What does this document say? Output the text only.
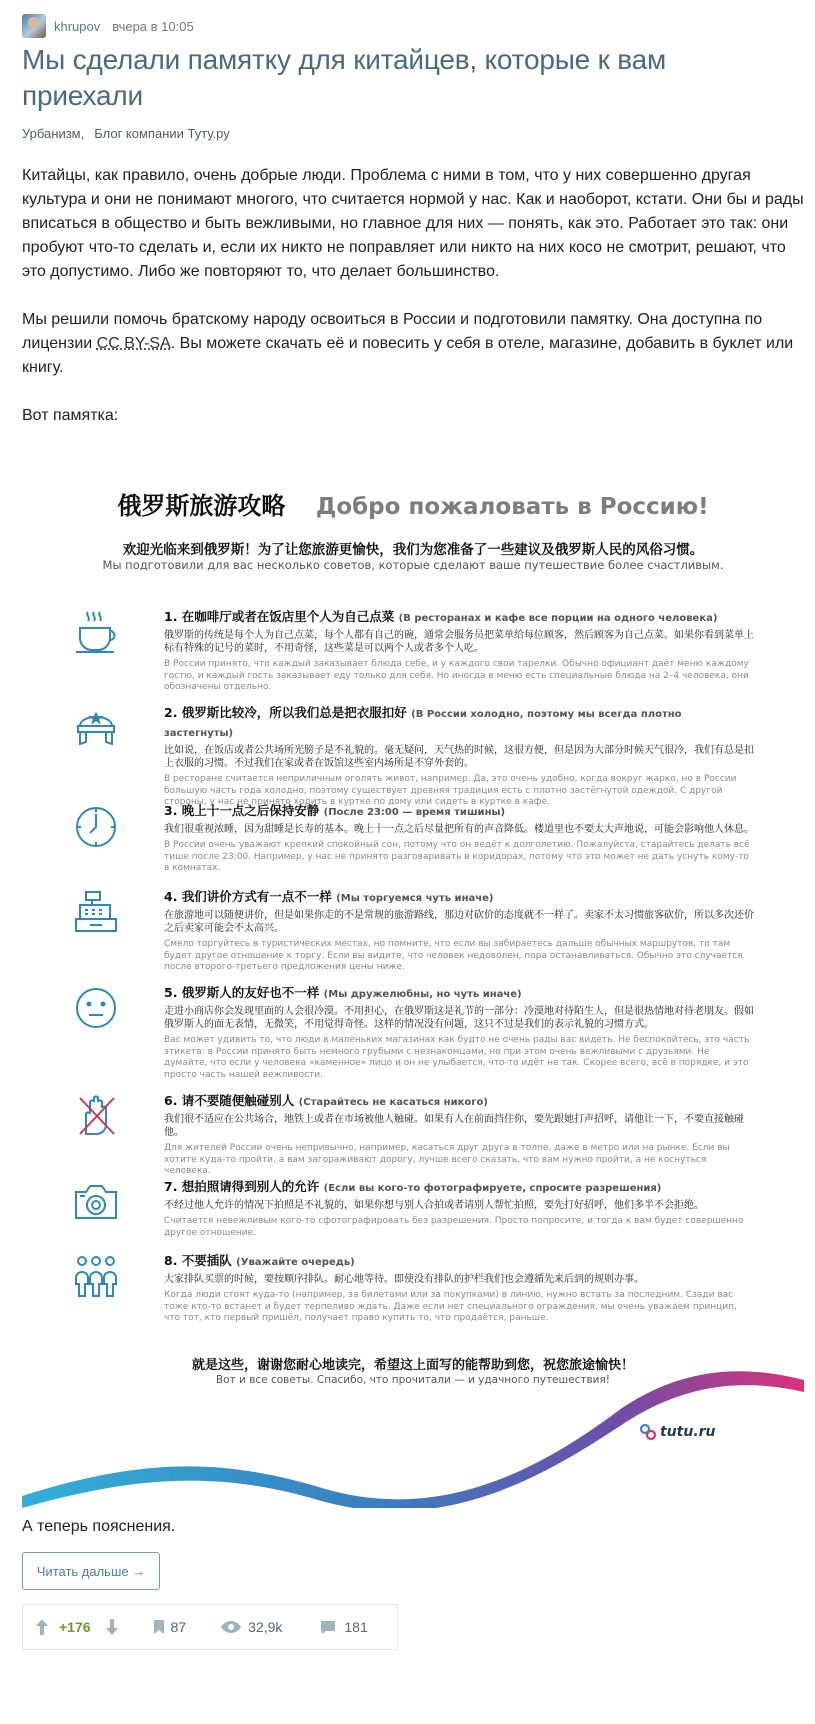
khrupov вчера в 10:05
Мы сделали памятку для китайцев, которые к вам приехали
Урбанизм, Блог компании Туту.ру

Китайцы, как правило, очень добрые люди. Проблема с ними в том, что у них совершенно другая культура и они не понимают многого, что считается нормой у нас. Как и наоборот, кстати. Они бы и рады вписаться в общество и быть вежливыми, но главное для них — понять, как это. Работает это так: они пробуют что-то сделать и, если их никто не поправляет или никто на них косо не смотрит, решают, что это допустимо. Либо же повторяют то, что делает большинство.

Мы решили помочь братскому народу освоиться в России и подготовили памятку. Она доступна по лицензии CC BY-SA. Вы можете скачать её и повесить у себя в отеле, магазине, добавить в буклет или книгу.

Вот памятка:

俄罗斯旅游攻略 Добро пожаловать в Россию!
欢迎光临来到俄罗斯！为了让您旅游更愉快，我们为您准备了一些建议及俄罗斯人民的风俗习惯。
Мы подготовили для вас несколько советов, которые сделают ваше путешествие более счастливым.
1. 在咖啡厅或者在饭店里个人为自己点菜 (В ресторанах и кафе все порции на одного человека)
俄罗斯的传统是每个人为自己点菜，每个人都有自己的碗，通常会服务员把菜单给每位顾客，然后顾客为自己点菜。如果你看到菜单上标有特殊的记号的菜时，不用奇怪，这些菜是可以两个人或者多个人吃。
В России принято, что каждый заказывает блюда себе, и у каждого свои тарелки. Обычно официант даёт меню каждому гостю, и каждый гость заказывает еду только для себя. Но иногда в меню есть специальные блюда на 2–4 человека, они обозначены отдельно.
2. 俄罗斯比较冷，所以我们总是把衣服扣好 (В России холодно, поэтому мы всегда плотно застегнуты)
比如说，在饭店或者公共场所光膀子是不礼貌的。毫无疑问，天气热的时候，这很方便，但是因为大部分时候天气很冷，我们有总是扣上衣服的习惯。不过我们在家或者在饭馆这些室内场所是不穿外套的。
В ресторане считается неприличным оголять живот, например. Да, это очень удобно, когда вокруг жарко, но в России большую часть года холодно, поэтому существует древняя традиция есть с плотно застёгнутой одеждой. С другой стороны, у нас не принято ходить в куртке по дому или сидеть в куртке в кафе.
3. 晚上十一点之后保持安静 (После 23:00 — время тишины)
我们很重视浓睡，因为甜睡是长寿的基本。晚上十一点之后尽量把所有的声音降低。楼道里也不要太大声地说，可能会影响他人休息。
В России очень уважают крепкий спокойный сон, потому что он ведёт к долголетию. Пожалуйста, старайтесь делать всё тише после 23:00. Например, у нас не принято разговаривать в коридорах, потому что это может не дать уснуть кому-то в комнатах.
4. 我们讲价方式有一点不一样 (Мы торгуемся чуть иначе)
在旅游地可以随便讲价，但是如果你走的不是常规的旅游路线，那边对砍价的态度就不一样了。卖家不太习惯旅客砍价，所以多次还价之后卖家可能会不太高兴。
Смело торгуйтесь в туристических местах, но помните, что если вы забираетесь дальше обычных маршрутов, то там будет другое отношение к торгу. Если вы видите, что человек недоволен, пора останавливаться. Обычно это случается после второго-третьего предложения цены ниже.
5. 俄罗斯人的友好也不一样 (Мы дружелюбны, но чуть иначе)
走进小商店你会发现里面的人会很冷漠。不用担心，在俄罗斯这是礼节的一部分：冷漠地对待陌生人，但是很热情地对待老朋友。假如俄罗斯人的面无表情，无微笑，不用觉得奇怪。这样的情况没有问题，这只不过是我们的表示礼貌的习惯方式。
Вас может удивить то, что люди в маленьких магазинах как будто не очень рады вас видеть. Не беспокойтесь, это часть этикета: в России принято быть немного грубыми с незнакомцами, но при этом очень вежливыми с друзьями. Не думайте, что если у человека «каменное» лицо и он не улыбается, что-то идёт не так. Скорее всего, всё в порядке, и это просто часть нашей вежливости.
6. 请不要随便触碰别人 (Старайтесь не касаться никого)
我们很不适应在公共场合，地铁上或者在市场被他人触碰。如果有人在前面挡住你，要先跟她打声招呼，请他让一下，不要直接触碰他。
Для жителей России очень непривычно, например, касаться друг друга в толпе, даже в метро или на рынке. Если вы хотите куда-то пройти, а вам загораживают дорогу, лучше всего сказать, что вам нужно пройти, а не коснуться человека.
7. 想拍照请得到别人的允许 (Если вы кого-то фотографируете, спросите разрешения)
不经过他人允许的情况下拍照是不礼貌的，如果你想与别人合拍或者请别人帮忙拍照，要先打好招呼，他们多半不会拒绝。
Считается невежливым кого-то сфотографировать без разрешения. Просто попросите, и тогда к вам будет совершенно другое отношение.
8. 不要插队 (Уважайте очередь)
大家排队买票的时候，要按顺序排队。耐心地等待。即使没有排队的护栏我们也会遵循先来后到的规则办事。
Когда люди стоят куда-то (например, за билетами или за покупками) в линию, нужно встать за последним. Сзади вас тоже кто-то встанет и будет терпеливо ждать. Даже если нет специального ограждения, мы очень уважаем принцип, что тот, кто первый пришёл, получает право купить то, что продаётся, раньше.
就是这些，谢谢您耐心地读完，希望这上面写的能帮助到您，祝您旅途愉快！
Вот и все советы. Спасибо, что прочитали — и удачного путешествия!
tutu.ru
А теперь пояснения.
Читать дальше →
+176	87	32,9k	181
